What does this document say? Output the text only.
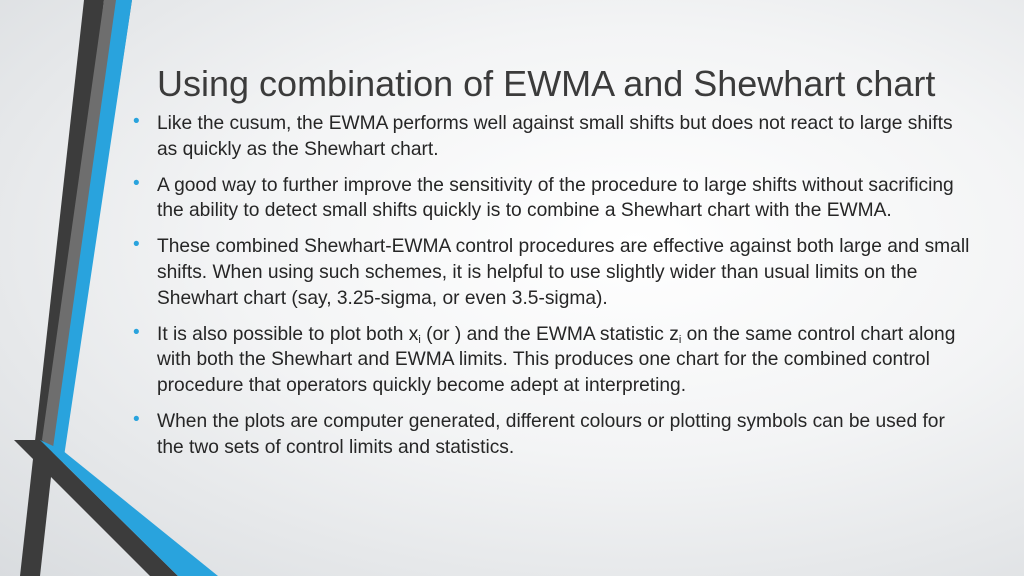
Using combination of EWMA and Shewhart chart
• Like the cusum, the EWMA performs well against small shifts but does not react to large shifts as quickly as the Shewhart chart.
• A good way to further improve the sensitivity of the procedure to large shifts without sacrificing the ability to detect small shifts quickly is to combine a Shewhart chart with the EWMA.
• These combined Shewhart-EWMA control procedures are effective against both large and small shifts. When using such schemes, it is helpful to use slightly wider than usual limits on the Shewhart chart (say, 3.25-sigma, or even 3.5-sigma).
• It is also possible to plot both $x_i$ (or ) and the EWMA statistic $z_i$ on the same control chart along with both the Shewhart and EWMA limits. This produces one chart for the combined control procedure that operators quickly become adept at interpreting.
• When the plots are computer generated, different colours or plotting symbols can be used for the two sets of control limits and statistics.
